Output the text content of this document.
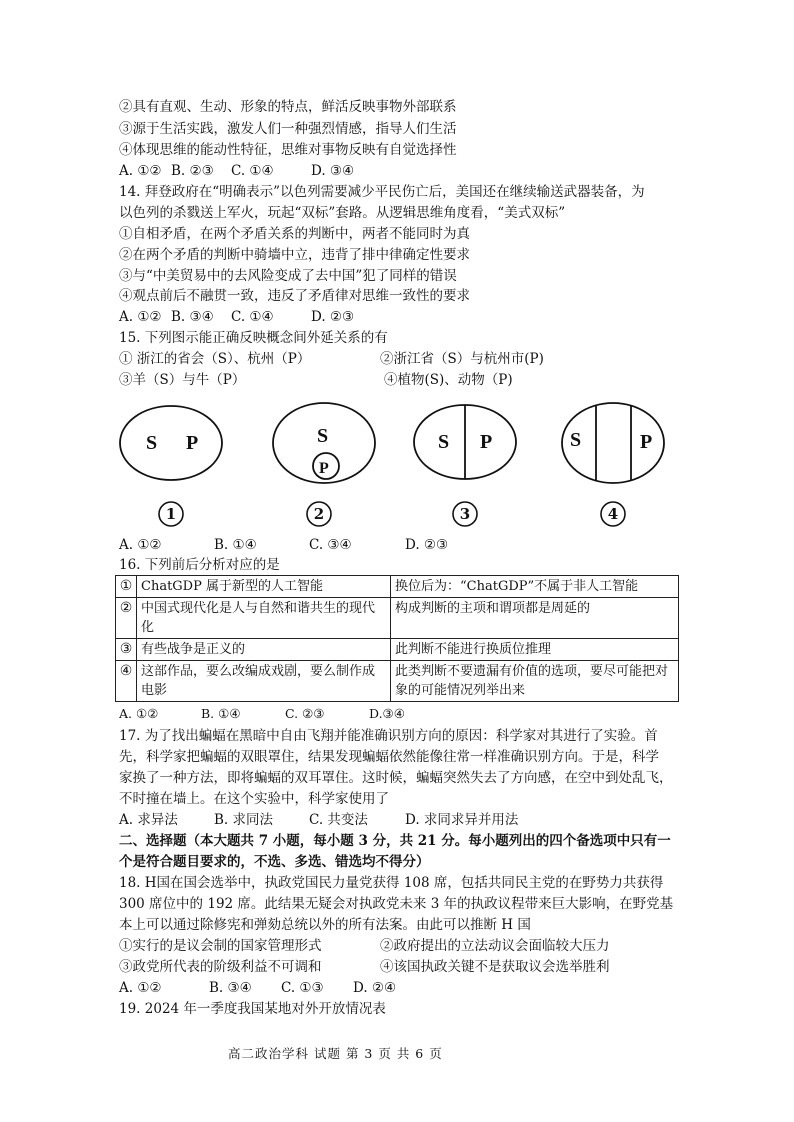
②具有直观、生动、形象的特点，鲜活反映事物外部联系
③源于生活实践，激发人们一种强烈情感，指导人们生活
④体现思维的能动性特征，思维对事物反映有自觉选择性
A. ①② B. ②③ C. ①④	D. ③④
14. 拜登政府在“明确表示”以色列需要减少平民伤亡后，美国还在继续输送武器装备，为
以色列的杀戮送上军火，玩起“双标”套路。从逻辑思维角度看，“美式双标”
①自相矛盾，在两个矛盾关系的判断中，两者不能同时为真
②在两个矛盾的判断中骑墙中立，违背了排中律确定性要求
③与“中美贸易中的去风险变成了去中国”犯了同样的错误
④观点前后不融贯一致，违反了矛盾律对思维一致性的要求
A. ①② B. ③④ C. ①④	D. ②③
15. 下列图示能正确反映概念间外延关系的有
① 浙江的省会（S）、杭州（P）	②浙江省（S）与杭州市(P)
③羊（S）与牛（P）	④植物(S)、动物（P)
S P	S
P
S P	S	P
1	2	3	4
A. ①②	B. ①④	C. ③④	D. ②③
16. 下列前后分析对应的是
①	ChatGDP 属于新型的人工智能	换位后为：“ChatGDP”不属于非人工智能
②	中国式现代化是人与自然和谐共生的现代化	构成判断的主项和谓项都是周延的
③	有些战争是正义的	此判断不能进行换质位推理
④	这部作品，要么改编成戏剧，要么制作成电影	此类判断不要遗漏有价值的选项，要尽可能把对象的可能情况列举出来
A. ①②	B. ①④	C. ②③	D.③④
17. 为了找出蝙蝠在黑暗中自由飞翔并能准确识别方向的原因：科学家对其进行了实验。首
先，科学家把蝙蝠的双眼罩住，结果发现蝙蝠依然能像往常一样准确识别方向。于是，科学
家换了一种方法，即将蝙蝠的双耳罩住。这时候，蝙蝠突然失去了方向感，在空中到处乱飞，
不时撞在墙上。在这个实验中，科学家使用了
A. 求异法	B. 求同法	C. 共变法	D. 求同求异并用法
二、选择题（本大题共 7 小题，每小题 3 分，共 21 分。每小题列出的四个备选项中只有一
个是符合题目要求的，不选、多选、错选均不得分）
18. H国在国会选举中，执政党国民力量党获得 108 席，包括共同民主党的在野势力共获得
300 席位中的 192 席。此结果无疑会对执政党未来 3 年的执政议程带来巨大影响，在野党基
本上可以通过除修宪和弹劾总统以外的所有法案。由此可以推断 H 国
①实行的是议会制的国家管理形式	②政府提出的立法动议会面临较大压力
③政党所代表的阶级利益不可调和	④该国执政关键不是获取议会选举胜利
A. ①②	B. ③④ C. ①③ D. ②④
19. 2024 年一季度我国某地对外开放情况表
高二政治学科 试题 第 3 页 共 6 页
